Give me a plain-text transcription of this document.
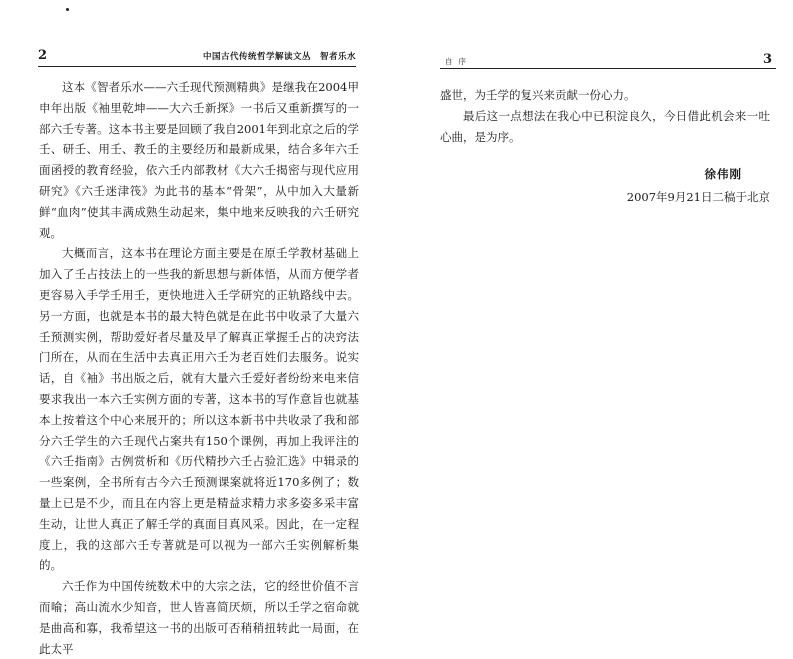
2	中国古代传统哲学解读文丛　智者乐水

这本《智者乐水——六壬现代预测精典》是继我在2004甲申年出版《袖里乾坤——大六壬新探》一书后又重新撰写的一部六壬专著。这本书主要是回顾了我自2001年到北京之后的学壬、研壬、用壬、教壬的主要经历和最新成果，结合多年六壬面函授的教育经验，依六壬内部教材《大六壬揭密与现代应用研究》《六壬迷津筏》为此书的基本“骨架”，从中加入大量新鲜“血肉”使其丰满成熟生动起来，集中地来反映我的六壬研究观。

大概而言，这本书在理论方面主要是在原壬学教材基础上加入了壬占技法上的一些我的新思想与新体悟，从而方便学者更容易入手学壬用壬，更快地进入壬学研究的正轨路线中去。另一方面，也就是本书的最大特色就是在此书中收录了大量六壬预测实例，帮助爱好者尽量及早了解真正掌握壬占的决窍法门所在，从而在生活中去真正用六壬为老百姓们去服务。说实话，自《袖》书出版之后，就有大量六壬爱好者纷纷来电来信要求我出一本六壬实例方面的专著，这本书的写作意旨也就基本上按着这个中心来展开的；所以这本新书中共收录了我和部分六壬学生的六壬现代占案共有150个课例，再加上我评注的《六壬指南》古例赏析和《历代精抄六壬占验汇选》中辑录的一些案例，全书所有古今六壬预测课案就将近170多例了；数量上已是不少，而且在内容上更是精益求精力求多姿多采丰富生动，让世人真正了解壬学的真面目真风采。因此，在一定程度上，我的这部六壬专著就是可以视为一部六壬实例解析集的。

六壬作为中国传统数术中的大宗之法，它的经世价值不言而喻；高山流水少知音，世人皆喜简厌烦，所以壬学之宿命就是曲高和寡，我希望这一书的出版可否稍稍扭转此一局面，在此太平

自序	3

盛世，为壬学的复兴来贡献一份心力。

最后这一点想法在我心中已积淀良久，今日借此机会来一吐心曲，是为序。

徐伟刚
2007年9月21日二稿于北京
